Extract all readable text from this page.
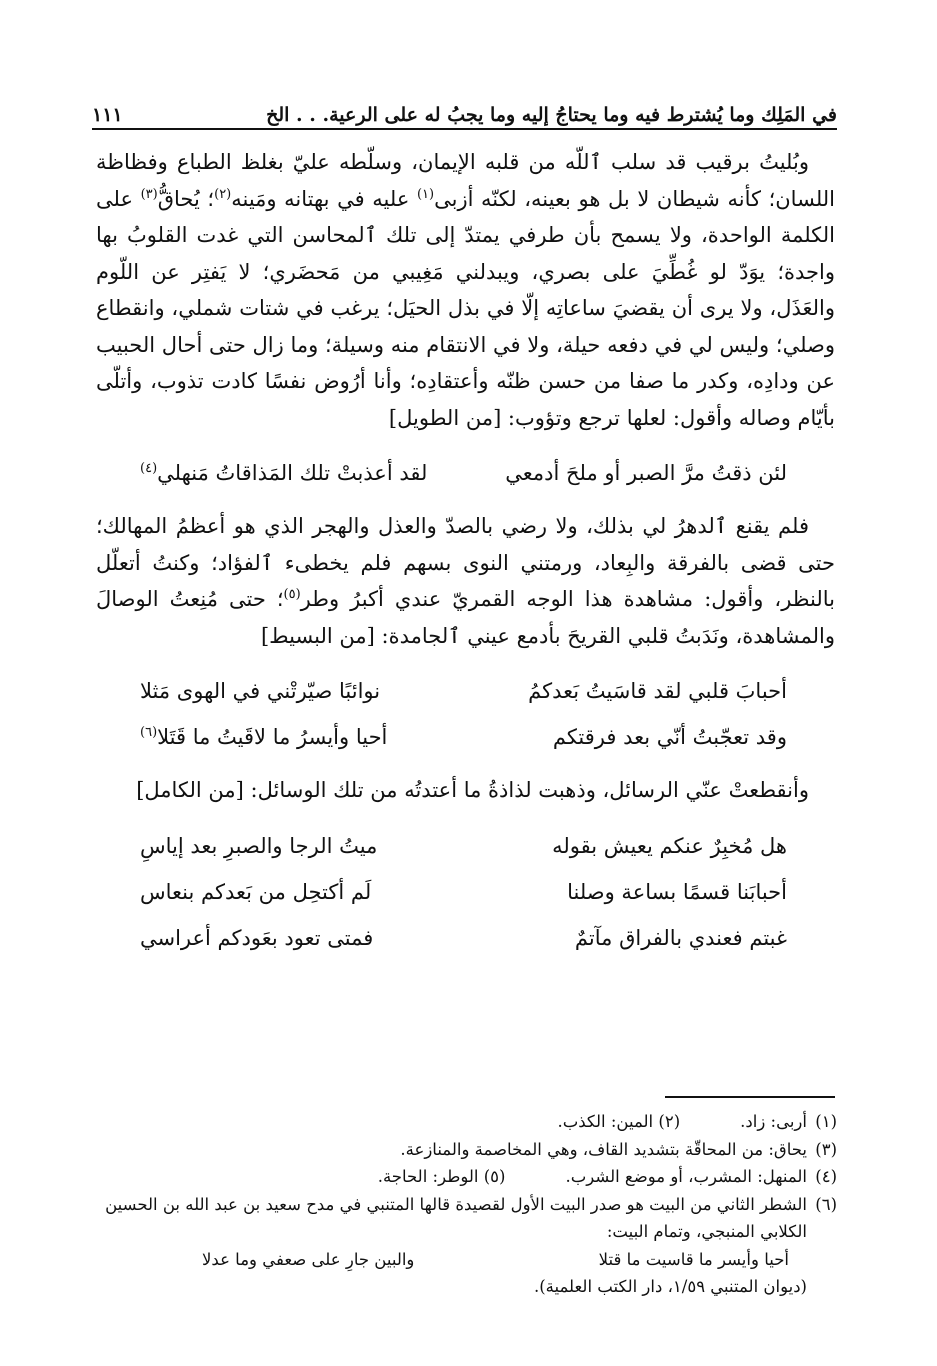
في المَلِك وما يُشترط فيه وما يحتاجُ إليه وما يجبُ له على الرعية. . . الخ
١١١

وبُليتُ برقيب قد سلب ٱللّه من قلبه الإيمان، وسلّطه عليّ بغلظ الطباع وفظاظة اللسان؛ كأنه شيطان لا بل هو بعينه، لكنّه أزبى$^{(١)}$ عليه في بهتانه ومَينه$^{(٢)}$؛ يُحاقُّ$^{(٣)}$ على الكلمة الواحدة، ولا يسمح بأن طرفي يمتدّ إلى تلك ٱلمحاسن التي غدت القلوبُ بها واجدة؛ يوَدّ لو غُطِّيَ على بصري، ويبدلني مَغِيبي من مَحضَري؛ لا يَفتِر عن اللّوم والعَذَل، ولا يرى أن يقضيَ ساعاتِه إلّا في بذل الحيَل؛ يرغب في شتات شملي، وانقطاع وصلي؛ وليس لي في دفعه حيلة، ولا في الانتقام منه وسيلة؛ وما زال حتى أحال الحبيب عن ودادِه، وكدر ما صفا من حسن ظنّه وأعتقادِه؛ وأنا أرُوض نفسًا كادت تذوب، وأتلّى بأيّام وصاله وأقول: لعلها ترجع وتؤوب: [من الطويل]

لئن ذقتُ مرَّ الصبر أو ملحَ أدمعي
لقد أعذبتْ تلك المَذاقاتُ مَنهلي$^{(٤)}$

فلم يقنع ٱلدهرُ لي بذلك، ولا رضي بالصدّ والعذل والهجر الذي هو أعظمُ المهالك؛ حتى قضى بالفرقة والبِعاد، ورمتني النوى بسهم فلم يخطىء ٱلفؤاد؛ وكنتُ أتعلّل بالنظر، وأقول: مشاهدة هذا الوجه القمريّ عندي أكبرُ وطر$^{(٥)}$؛ حتى مُنِعتُ الوصالَ والمشاهدة، ونَدَبتُ قلبي القريحَ بأدمع عيني ٱلجامدة: [من البسيط]

أحبابَ قلبي لقد قاسَيتُ بَعدكمُ
نوائبًا صيّرتْني في الهوى مَثلا
وقد تعجّبتُ أنّي بعد فرقتكم
أحيا وأيسرُ ما لاقَيتُ ما قَتَلا$^{(٦)}$

وأنقطعتْ عنّي الرسائل، وذهبت لذاذةُ ما أعتدتُه من تلك الوسائل: [من الكامل]

هل مُخبِرٌ عنكم يعيش بقوله
ميتُ الرجا والصبرِ بعد إياسِ
أحبابَنا قسمًا بساعة وصلنا
لَم أكتحِل من بَعدكم بنعاس
غبتم فعندي بالفراق مآتمٌ
فمتى تعود بعَودكم أعراسي
(١)
أربى: زاد.(٢) المين: الكذب.
(٣)
يحاق: من المحاقّة بتشديد القاف، وهي المخاصمة والمنازعة.
(٤)
المنهل: المشرب، أو موضع الشرب.(٥) الوطر: الحاجة.
(٦)
الشطر الثاني من البيت هو صدر البيت الأول لقصيدة قالها المتنبي في مدح سعيد بن عبد الله بن الحسين الكلابي المنبجي، وتمام البيت:
أحيا وأيسر ما قاسيت ما قتلا
والبين جارِ على صعفي وما عدلا
(ديوان المتنبي ١/٥٩، دار الكتب العلمية).
